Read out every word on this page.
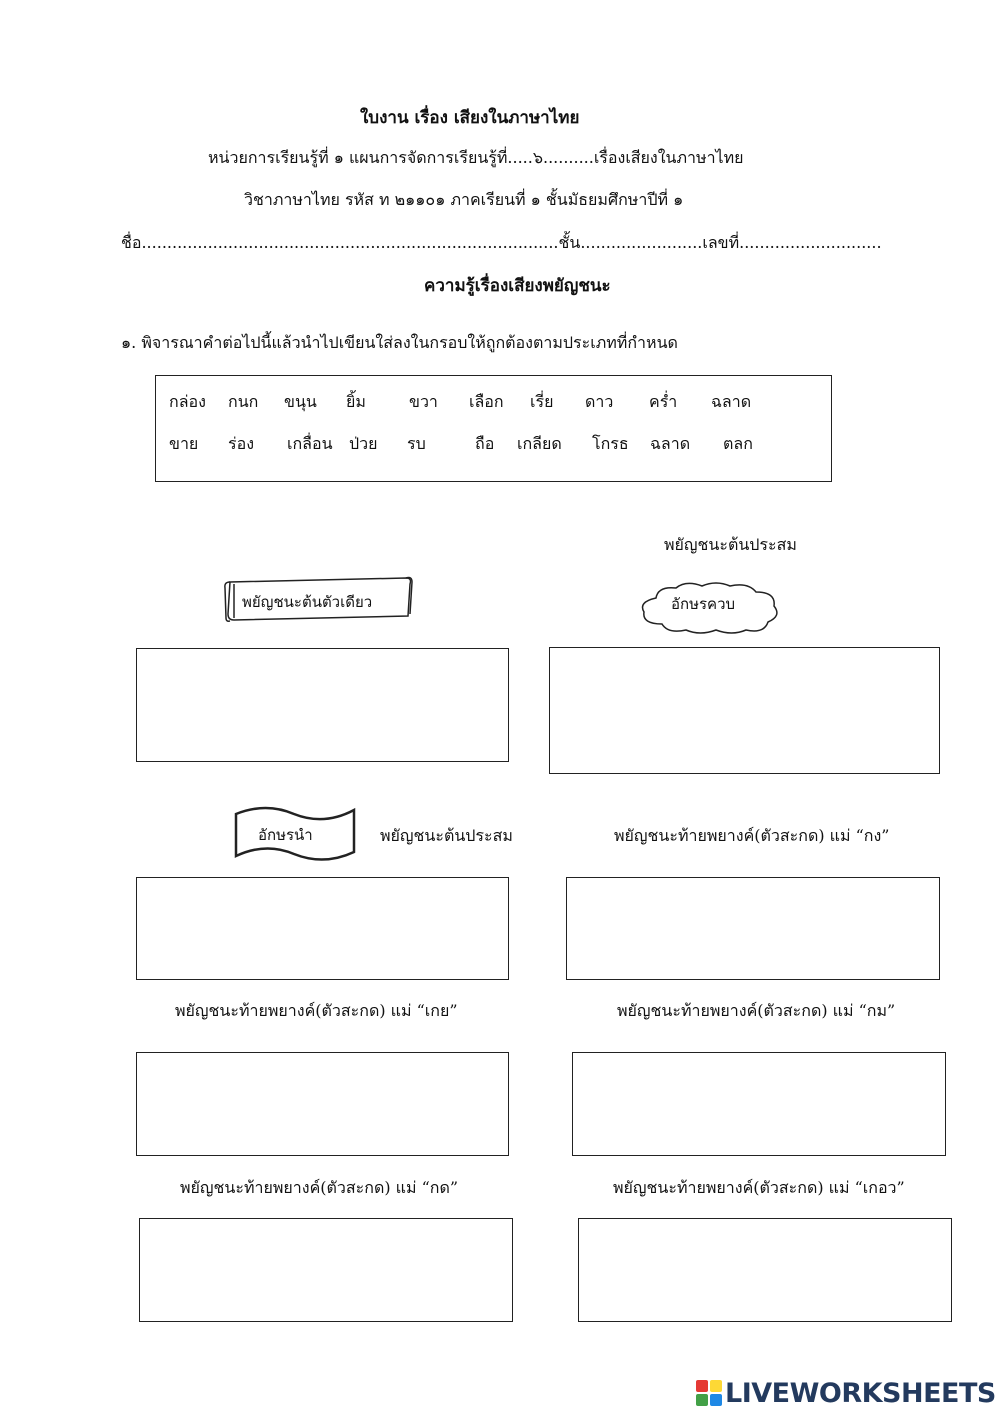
ใบงาน เรื่อง เสียงในภาษาไทย
หน่วยการเรียนรู้ที่ ๑ แผนการจัดการเรียนรู้ที่.....๖..........เรื่องเสียงในภาษาไทย
วิชาภาษาไทย รหัส ท ๒๑๑๐๑ ภาคเรียนที่ ๑ ชั้นมัธยมศึกษาปีที่ ๑
ชื่อ..................................................................................ชั้น........................เลขที่............................
ความรู้เรื่องเสียงพยัญชนะ
๑. พิจารณาคำต่อไปนี้แล้วนำไปเขียนใส่ลงในกรอบให้ถูกต้องตามประเภทที่กำหนด
กล่อง กนก ขนุน ยิ้ม	ขวา เลือก เรี่ย ดาว คร่ำ ฉลาด
ขาย ร่อง เกลื่อน ป่วย รบ	ถือ เกลียด โกรธ ฉลาด ตลก
พยัญชนะต้นประสม
พยัญชนะต้นตัวเดียว	อักษรควบ
อักษรนำ	พยัญชนะต้นประสม	พยัญชนะท้ายพยางค์(ตัวสะกด) แม่ “กง”
พยัญชนะท้ายพยางค์(ตัวสะกด) แม่ “เกย”	พยัญชนะท้ายพยางค์(ตัวสะกด) แม่ “กม”
พยัญชนะท้ายพยางค์(ตัวสะกด) แม่ “กด”	พยัญชนะท้ายพยางค์(ตัวสะกด) แม่ “เกอว”
LIVEWORKSHEETS
